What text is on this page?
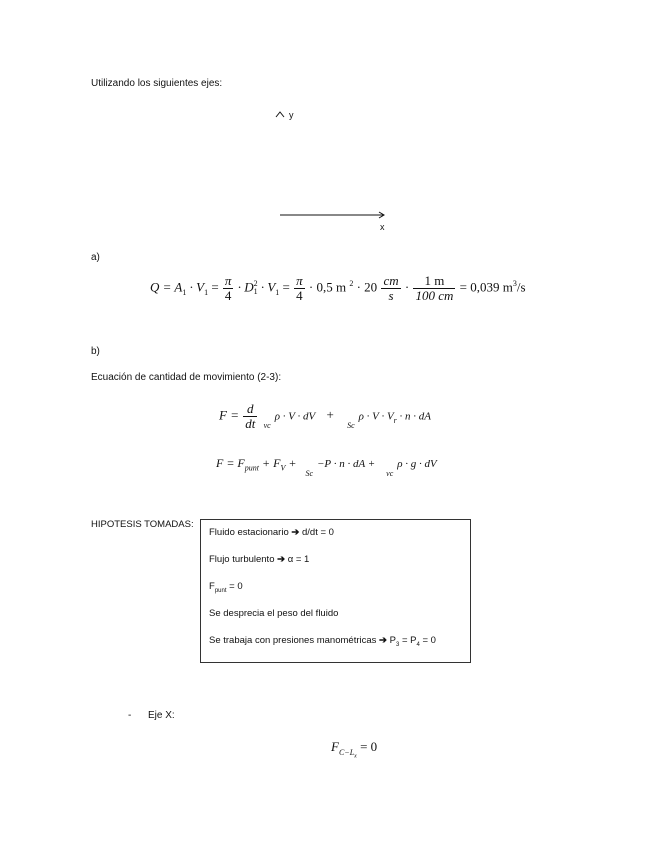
Utilizando los siguientes ejes:
y
x
a)
$Q = A_1 \cdot V_1 = \frac{\pi}{4} \cdot D$ 2
$1 \cdot V_1 = \frac{\pi}{4} \cdot 0,5$ m $^2 \cdot 20 \frac{cm}{s} \cdot \frac{1 m}{100 cm} = 0,039$ $m^3/s$
b)
Ecuación de cantidad de movimiento (2-3):
$F = \frac{d}{dt}$ vcρ · V · dV + $Sc\rho \cdot V \cdot V_r \cdot n$ · dA
$F = F_{punt} + F_V + Sc-P \cdot n$ · dA + vcρ · g · dV
HIPOTESIS TOMADAS:
Fluido estacionario ➔ d/dt = 0
Flujo turbulento ➔ α = 1
$F_{punt} = 0$
Se desprecia el peso del fluido
Se trabaja con presiones manométricas ➔ $P_3 = P_4 = 0$
- Eje X:
$F_{C-L_x} = 0$
